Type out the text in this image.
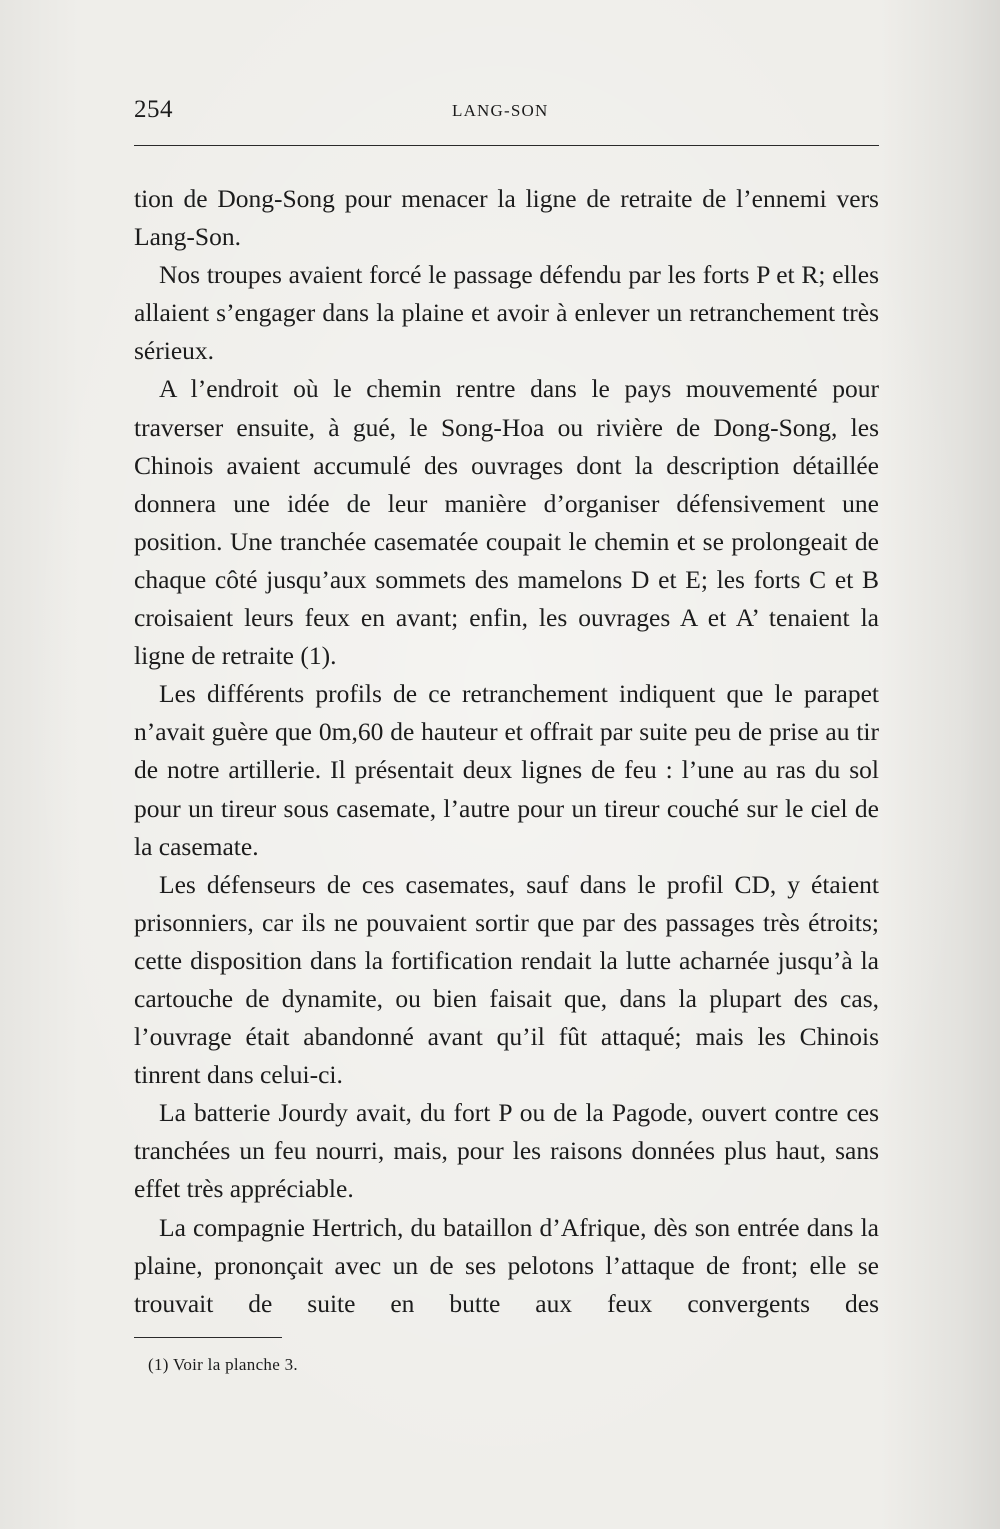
254	LANG-SON

tion de Dong-Song pour menacer la ligne de retraite de l’ennemi vers Lang-Son.

Nos troupes avaient forcé le passage défendu par les forts P et R; elles allaient s’engager dans la plaine et avoir à enlever un retranchement très sérieux.

A l’endroit où le chemin rentre dans le pays mouvementé pour traverser ensuite, à gué, le Song-Hoa ou rivière de Dong-Song, les Chinois avaient accumulé des ouvrages dont la description détaillée donnera une idée de leur manière d’organiser défensivement une position. Une tranchée casematée coupait le chemin et se prolongeait de chaque côté jusqu’aux sommets des mamelons D et E; les forts C et B croisaient leurs feux en avant; enfin, les ouvrages A et A’ tenaient la ligne de retraite (1).

Les différents profils de ce retranchement indiquent que le parapet n’avait guère que 0m,60 de hauteur et offrait par suite peu de prise au tir de notre artillerie. Il présentait deux lignes de feu : l’une au ras du sol pour un tireur sous casemate, l’autre pour un tireur couché sur le ciel de la casemate.

Les défenseurs de ces casemates, sauf dans le profil CD, y étaient prisonniers, car ils ne pouvaient sortir que par des passages très étroits; cette disposition dans la fortification rendait la lutte acharnée jusqu’à la cartouche de dynamite, ou bien faisait que, dans la plupart des cas, l’ouvrage était abandonné avant qu’il fût attaqué; mais les Chinois tinrent dans celui-ci.

La batterie Jourdy avait, du fort P ou de la Pagode, ouvert contre ces tranchées un feu nourri, mais, pour les raisons données plus haut, sans effet très appréciable.

La compagnie Hertrich, du bataillon d’Afrique, dès son entrée dans la plaine, prononçait avec un de ses pelotons l’attaque de front; elle se trouvait de suite en butte aux feux convergents des

(1) Voir la planche 3.
